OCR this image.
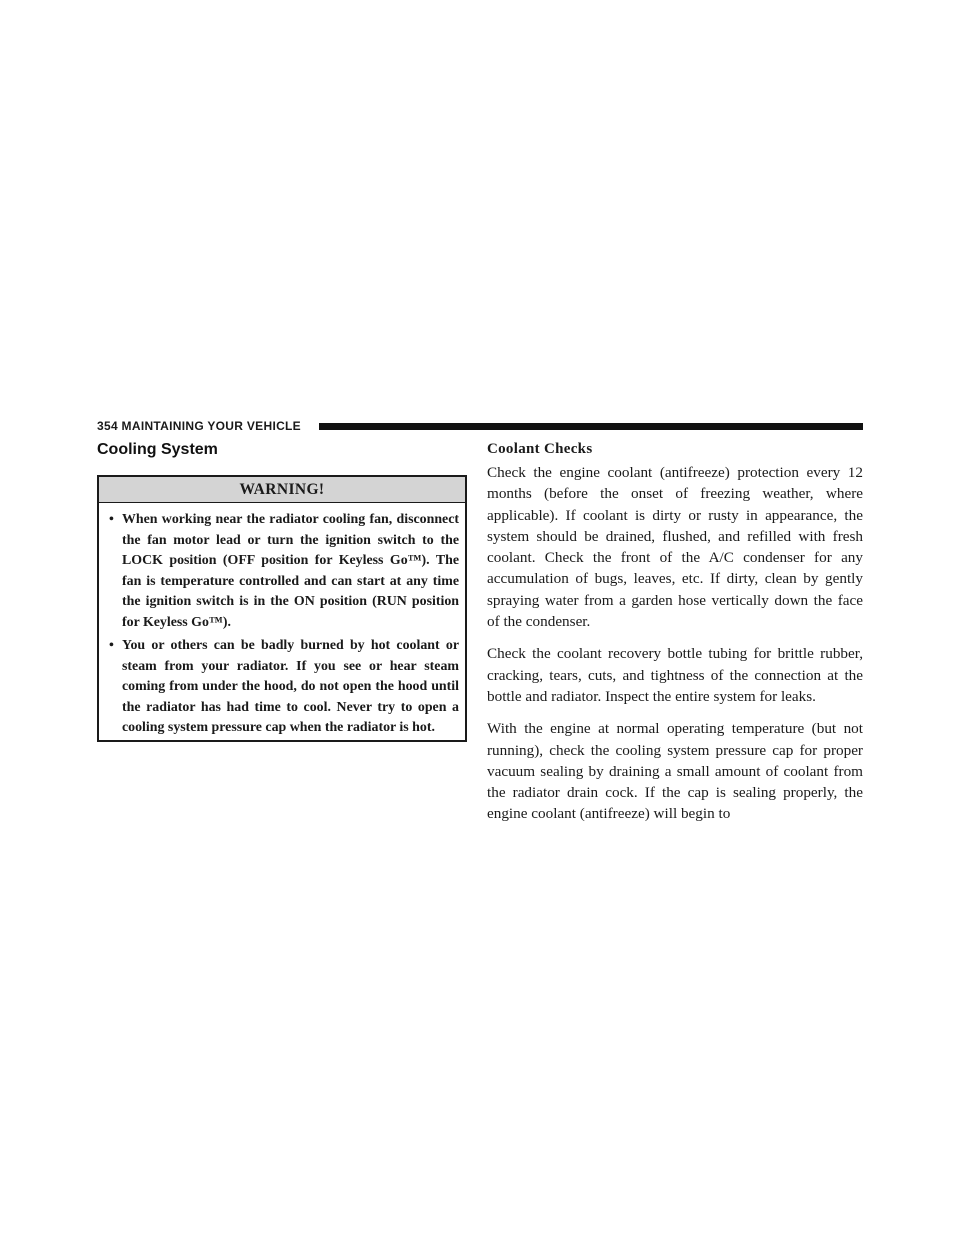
354 MAINTAINING YOUR VEHICLE
Cooling System
WARNING!
• When working near the radiator cooling fan, disconnect the fan motor lead or turn the ignition switch to the LOCK position (OFF position for Keyless Go™). The fan is temperature controlled and can start at any time the ignition switch is in the ON position (RUN position for Keyless Go™).
• You or others can be badly burned by hot coolant or steam from your radiator. If you see or hear steam coming from under the hood, do not open the hood until the radiator has had time to cool. Never try to open a cooling system pressure cap when the radiator is hot.
Coolant Checks

Check the engine coolant (antifreeze) protection every 12 months (before the onset of freezing weather, where applicable). If coolant is dirty or rusty in appearance, the system should be drained, flushed, and refilled with fresh coolant. Check the front of the A/C condenser for any accumulation of bugs, leaves, etc. If dirty, clean by gently spraying water from a garden hose vertically down the face of the condenser.

Check the coolant recovery bottle tubing for brittle rubber, cracking, tears, cuts, and tightness of the connection at the bottle and radiator. Inspect the entire system for leaks.

With the engine at normal operating temperature (but not running), check the cooling system pressure cap for proper vacuum sealing by draining a small amount of coolant from the radiator drain cock. If the cap is sealing properly, the engine coolant (antifreeze) will begin to
